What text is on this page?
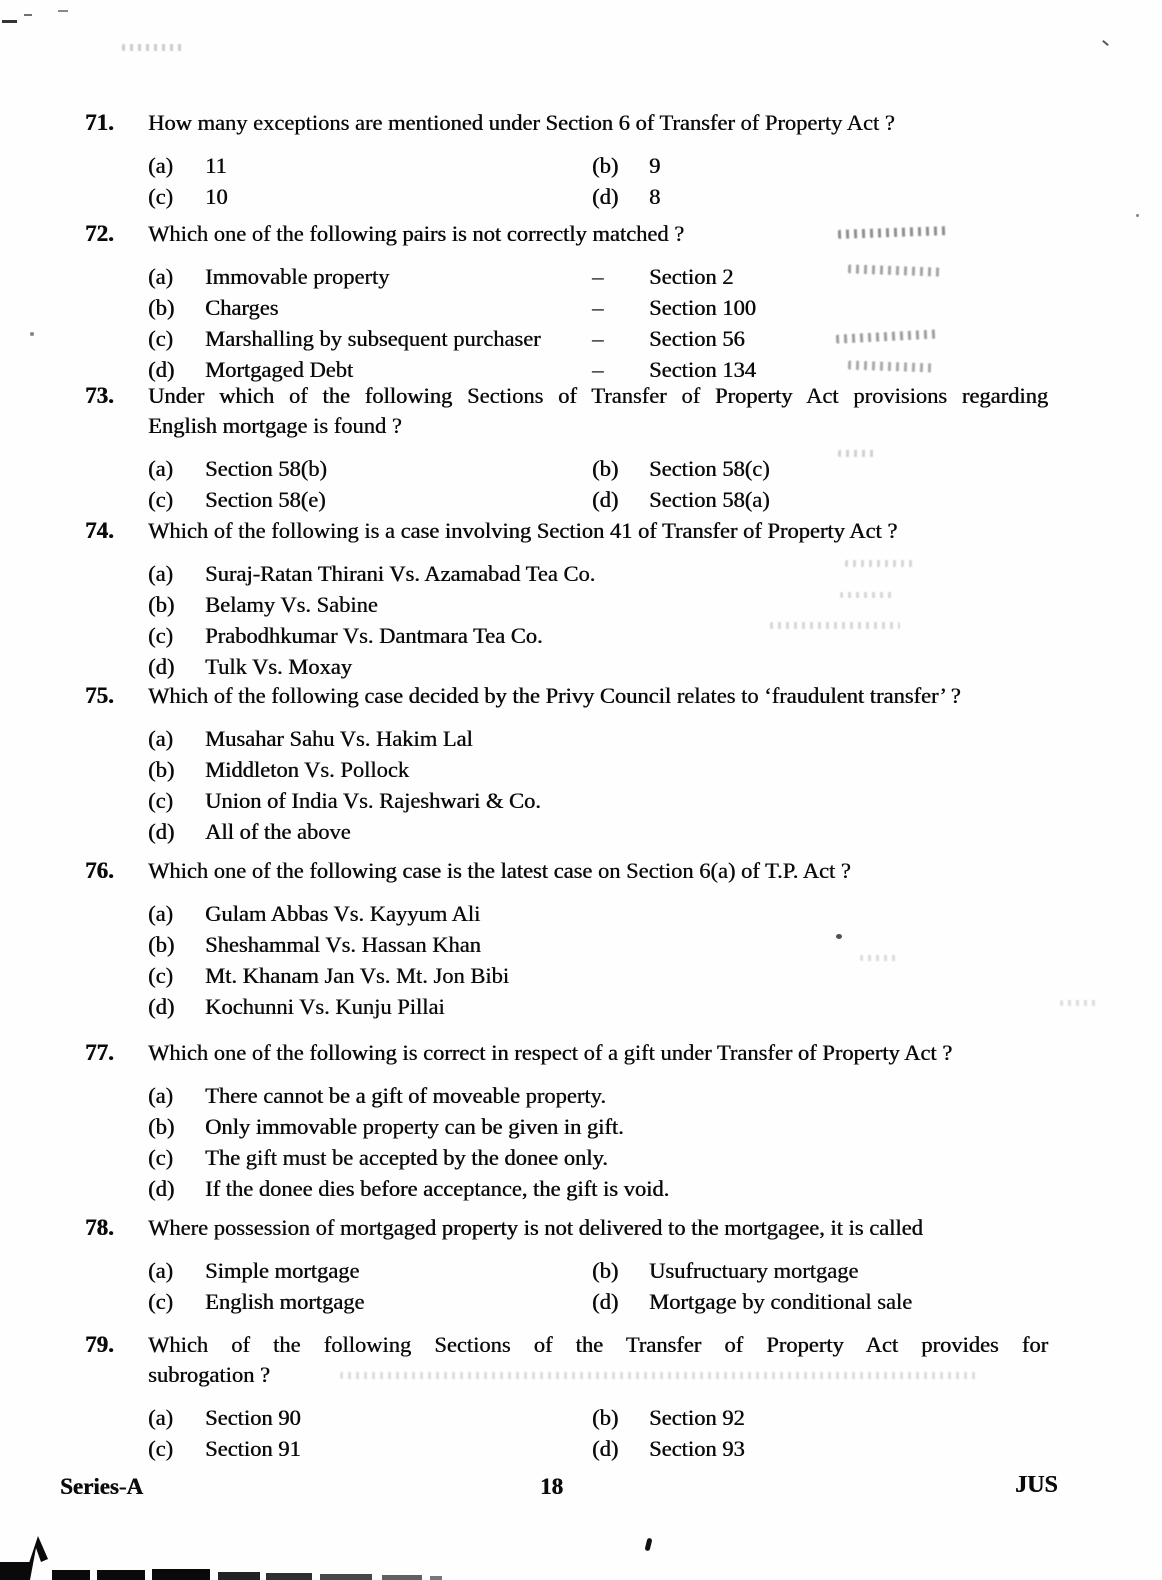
71.	How many exceptions are mentioned under Section 6 of Transfer of Property Act ?
(a)	11	(b)	9
(c)	10	(d)	8
72.	Which one of the following pairs is not correctly matched ?
(a)	Immovable property	–	Section 2
(b)	Charges	–	Section 100
(c)	Marshalling by subsequent purchaser	–	Section 56
(d)	Mortgaged Debt	–	Section 134
73.	Under which of the following Sections of Transfer of Property Act provisions regarding
English mortgage is found ?
(a)	Section 58(b)	(b)	Section 58(c)
(c)	Section 58(e)	(d)	Section 58(a)
74.	Which of the following is a case involving Section 41 of Transfer of Property Act ?
(a)	Suraj-Ratan Thirani Vs. Azamabad Tea Co.
(b)	Belamy Vs. Sabine
(c)	Prabodhkumar Vs. Dantmara Tea Co.
(d)	Tulk Vs. Moxay
75.	Which of the following case decided by the Privy Council relates to ‘fraudulent transfer’ ?
(a)	Musahar Sahu Vs. Hakim Lal
(b)	Middleton Vs. Pollock
(c)	Union of India Vs. Rajeshwari & Co.
(d)	All of the above
76.	Which one of the following case is the latest case on Section 6(a) of T.P. Act ?
(a)	Gulam Abbas Vs. Kayyum Ali
(b)	Sheshammal Vs. Hassan Khan
(c)	Mt. Khanam Jan Vs. Mt. Jon Bibi
(d)	Kochunni Vs. Kunju Pillai
77.	Which one of the following is correct in respect of a gift under Transfer of Property Act ?
(a)	There cannot be a gift of moveable property.
(b)	Only immovable property can be given in gift.
(c)	The gift must be accepted by the donee only.
(d)	If the donee dies before acceptance, the gift is void.
78.	Where possession of mortgaged property is not delivered to the mortgagee, it is called
(a)	Simple mortgage	(b)	Usufructuary mortgage
(c)	English mortgage	(d)	Mortgage by conditional sale
79.	Which of the following Sections of the Transfer of Property Act provides for
subrogation ?
(a)	Section 90	(b)	Section 92
(c)	Section 91	(d)	Section 93
Series-A	18	JUS
